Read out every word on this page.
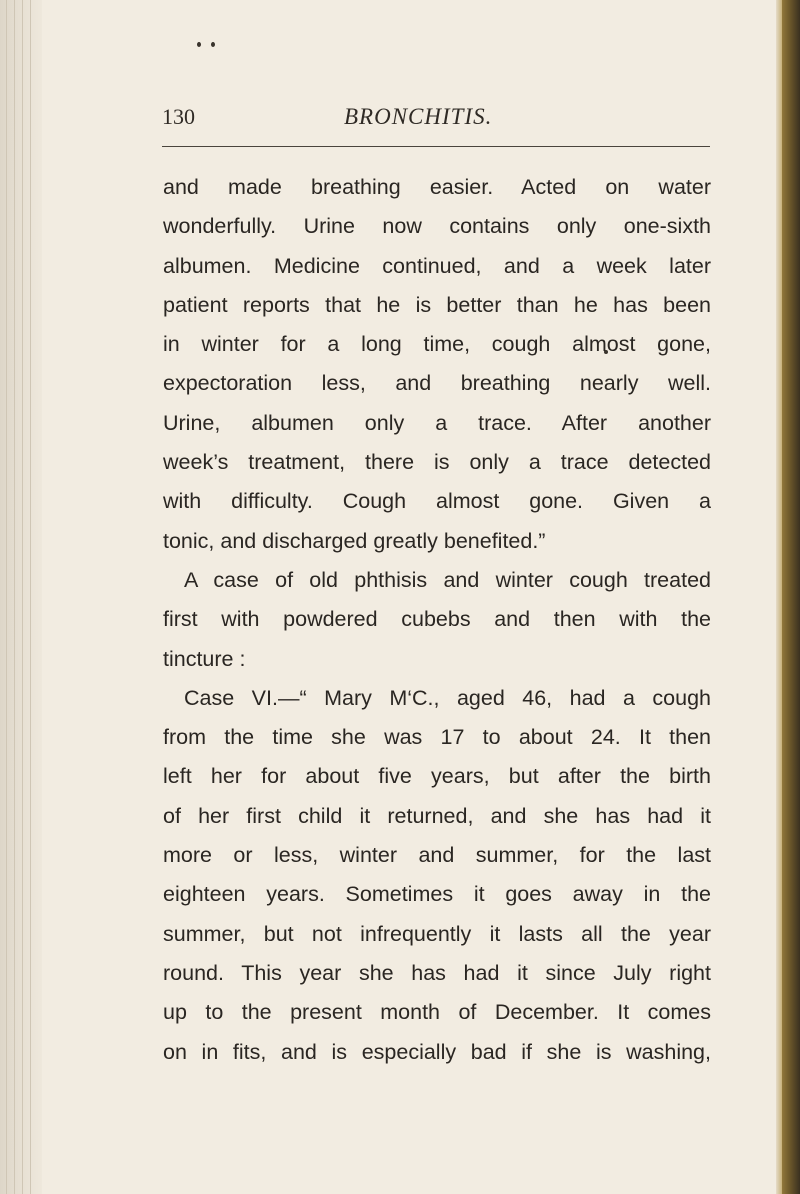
130	BRONCHITIS.
and made breathing easier. Acted on water
wonderfully. Urine now contains only one-sixth
albumen. Medicine continued, and a week later
patient reports that he is better than he has been
in winter for a long time, cough almost gone,
expectoration less, and breathing nearly well.
Urine, albumen only a trace. After another
week’s treatment, there is only a trace detected
with difficulty. Cough almost gone. Given a
tonic, and discharged greatly benefited.”
A case of old phthisis and winter cough treated
first with powdered cubebs and then with the
tincture :
Case VI.—“ Mary M‘C., aged 46, had a cough
from the time she was 17 to about 24. It then
left her for about five years, but after the birth
of her first child it returned, and she has had it
more or less, winter and summer, for the last
eighteen years. Sometimes it goes away in the
summer, but not infrequently it lasts all the year
round. This year she has had it since July right
up to the present month of December. It comes
on in fits, and is especially bad if she is washing,
